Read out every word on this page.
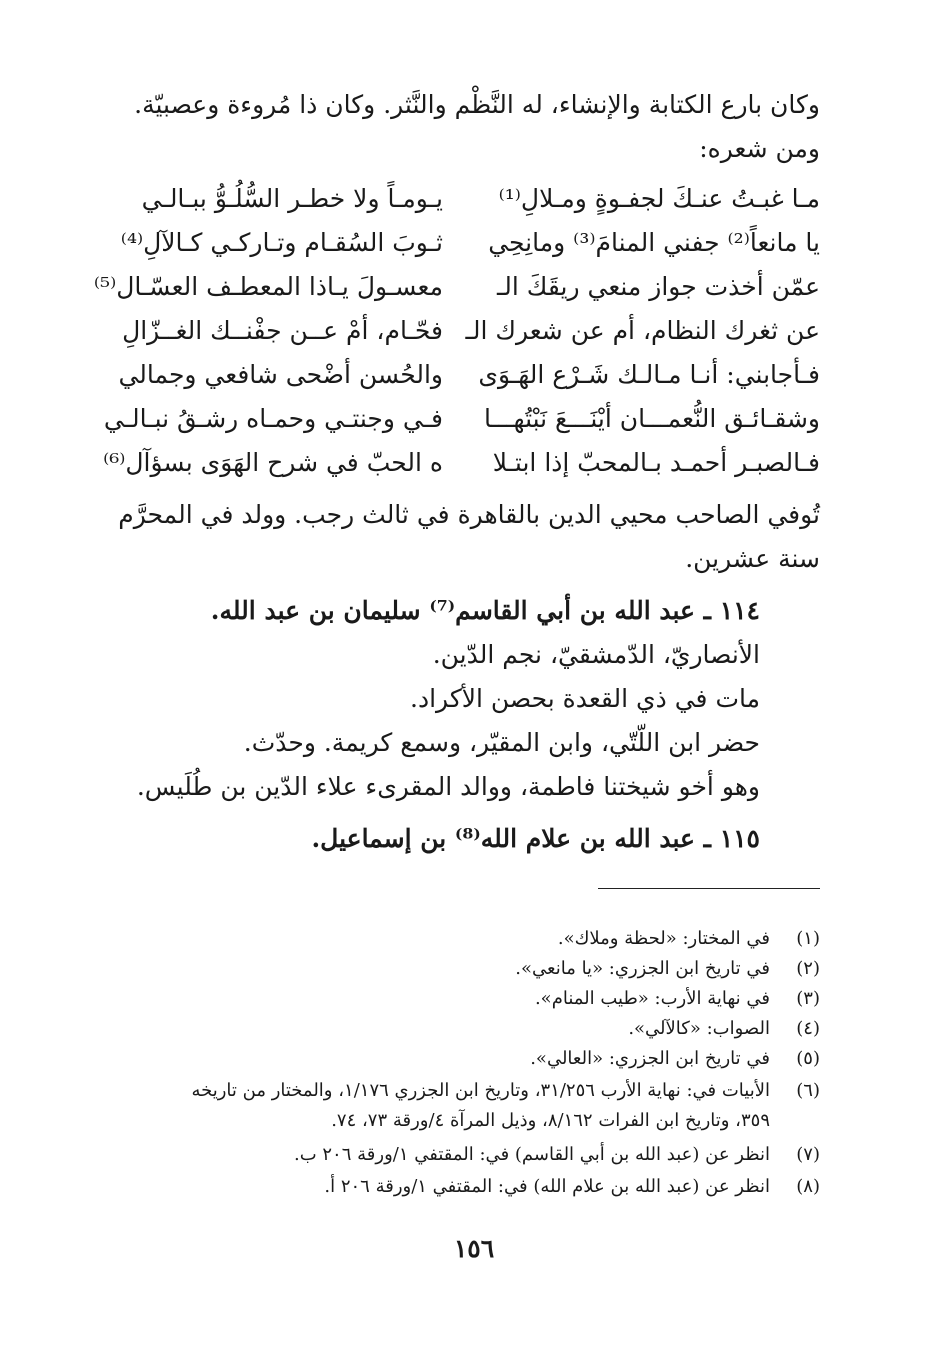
وكان بارع الكتابة والإنشاء، له النَّظْم والنَّثر. وكان ذا مُروءة وعصبيّة.
ومن شعره:
مـا غبـتُ عنـكَ لجفـوةٍ ومـلالِ⁽¹⁾
يا مانعاً⁽²⁾ جفني المنامَ⁽³⁾ ومانِحِي
عمّن أخذت جواز منعي ريقَكَ الـ
عن ثغرك النظام، أم عن شعرك الـ
فـأجابني: أنـا مـالـك شَـرْع الهَـوَى
وشقـائـق النُّعمـــان أيْنَـــعَ نَبْتُهـــا
فـالصبـر أحمـد بـالمحبّ إذا ابتـلا
يـومـاً ولا خطـر السُّلُـوُّ ببـالـي
ثـوبَ السُقـام وتـاركـي كـالآلِ⁽⁴⁾
معسـولَ يـاذا المعطـف العسّـال⁽⁵⁾
فحّـام، أمْ عــن جفْنــك الغــزّالِ
والحُسن أضْحى شافعي وجمالي
فـي وجنتـي وحمـاه رشـقُ نبـالـي
ه الحبّ في شرح الهَوَى بسؤآل⁽⁶⁾
تُوفي الصاحب محيي الدين بالقاهرة في ثالث رجب. وولد في المحرَّم
سنة عشرين.
١١٤ ـ عبد الله بن أبي القاسم⁽⁷⁾ سليمان بن عبد الله.
الأنصاريّ، الدّمشقيّ، نجم الدّين.
مات في ذي القعدة بحصن الأكراد.
حضر ابن اللّتّي، وابن المقيّر، وسمع كريمة. وحدّث.
وهو أخو شيختنا فاطمة، ووالد المقرىء علاء الدّين بن طُلَيس.
١١٥ ـ عبد الله بن علام الله⁽⁸⁾ بن إسماعيل.
(١)
في المختار: «لحظة وملاك».
(٢)
في تاريخ ابن الجزري: «يا مانعي».
(٣)
في نهاية الأرب: «طيب المنام».
(٤)
الصواب: «كالآلي».
(٥)
في تاريخ ابن الجزري: «العالي».
(٦)
الأبيات في: نهاية الأرب ٣١/٢٥٦، وتاريخ ابن الجزري ١/١٧٦، والمختار من تاريخه
٣٥٩، وتاريخ ابن الفرات ٨/١٦٢، وذيل المرآة ٤/ورقة ٧٣، ٧٤.
(٧)
انظر عن (عبد الله بن أبي القاسم) في: المقتفي ١/ورقة ٢٠٦ ب.
(٨)
انظر عن (عبد الله بن علام الله) في: المقتفي ١/ورقة ٢٠٦ أ.
١٥٦
